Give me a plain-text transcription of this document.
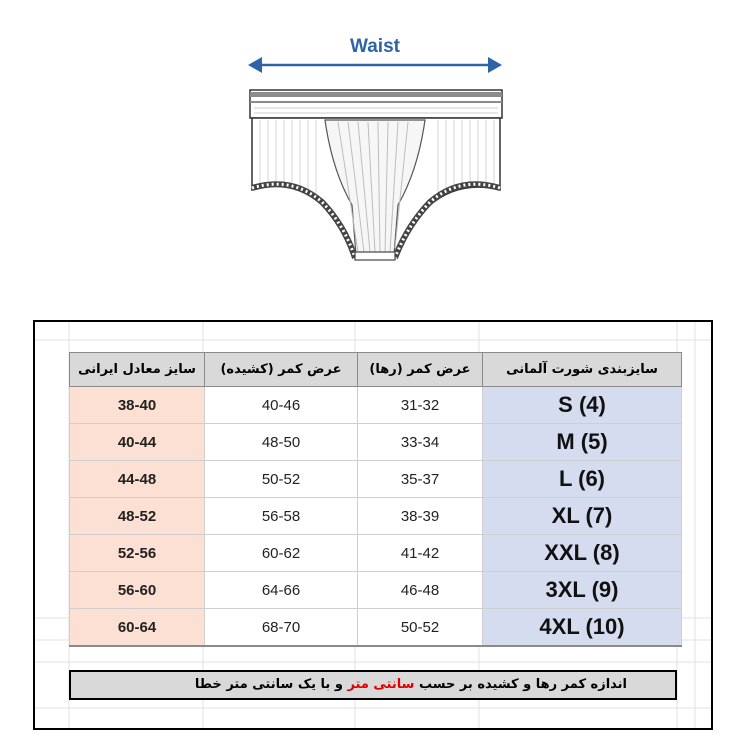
Waist
سایزبندی شورت آلمانی	عرض کمر (رها)	عرض کمر (کشیده)	سایز معادل ایرانی
S (4)	31-32	40-46	38-40
M (5)	33-34	48-50	40-44
L (6)	35-37	50-52	44-48
XL (7)	38-39	56-58	48-52
XXL (8)	41-42	60-62	52-56
3XL (9)	46-48	64-66	56-60
4XL (10)	50-52	68-70	60-64
اندازه کمر رها و کشیده بر حسب سانتی متر و با یک سانتی متر خطا
